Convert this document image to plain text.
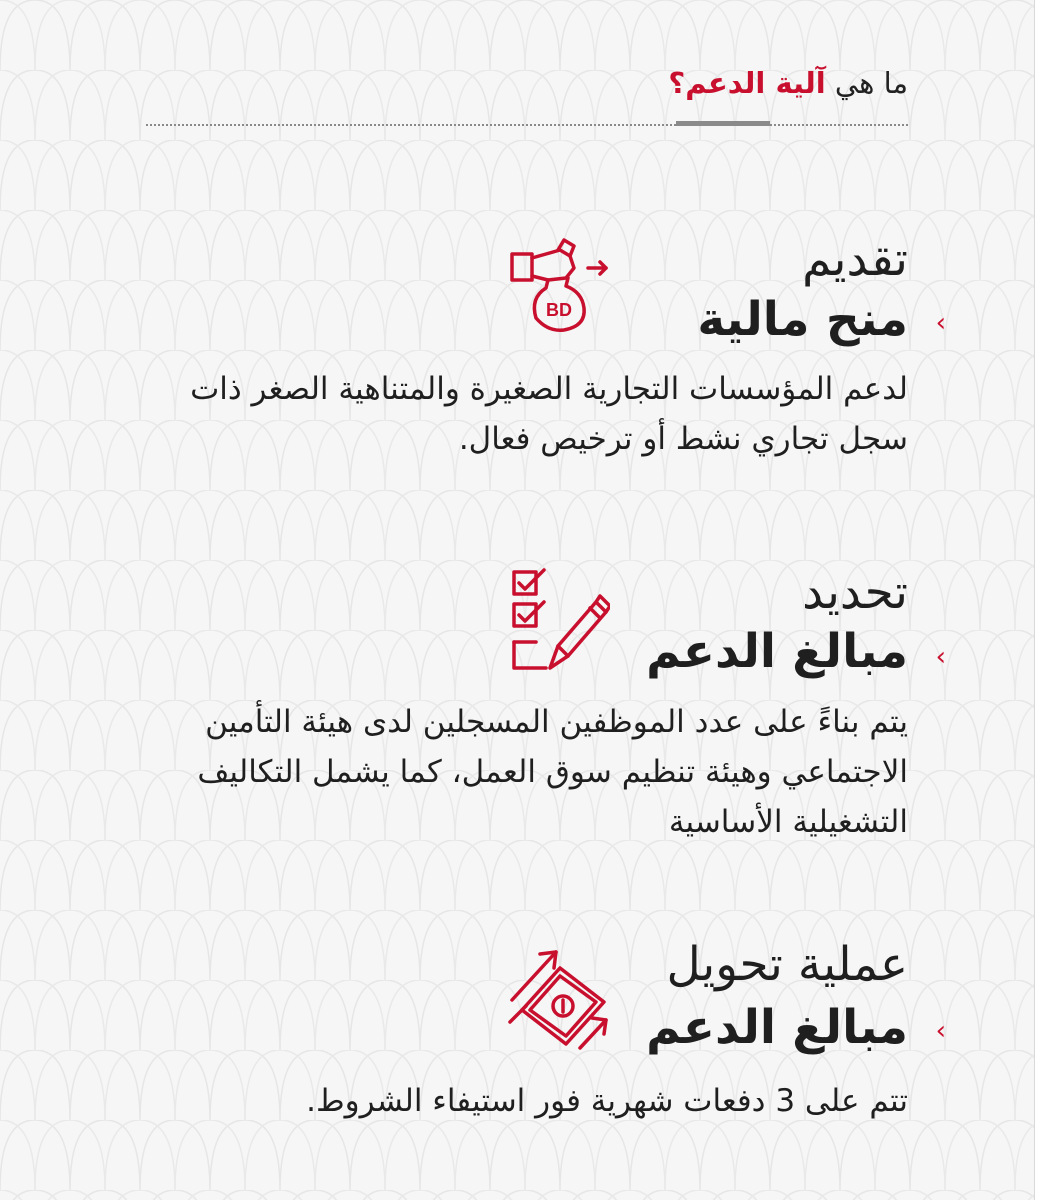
ما هي آلية الدعم؟
تقديم
منح مالية ‹
BD
لدعم المؤسسات التجارية الصغيرة والمتناهية الصغر ذات سجل تجاري نشط أو ترخيص فعال.
تحديد
مبالغ الدعم ‹
يتم بناءً على عدد الموظفين المسجلين لدى هيئة التأمين الاجتماعي وهيئة تنظيم سوق العمل، كما يشمل التكاليف التشغيلية الأساسية
عملية تحويل
مبالغ الدعم ‹
تتم على 3 دفعات شهرية فور استيفاء الشروط.
